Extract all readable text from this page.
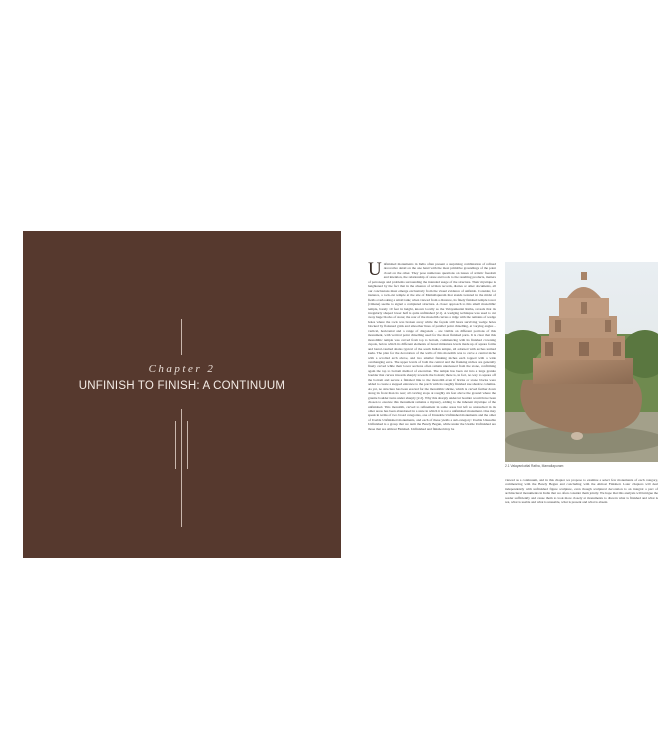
Chapter 2
UNFINISH TO FINISH: A CONTINUUM
Unfinished monuments in India often present a surprising combination of refined decorative detail on the one hand with the most primitive groundings of the point cloud on the other. They pose numerous questions on issues of artistic freedom and intention, the relationship of stone and tools to the resulting products, matters of patronage and problems surrounding the intended usage of the structure. Their mystique is heightened by the fact that in the absence of written records, diaries or other documents, all our conclusions must emerge exclusively from the visual evidence of unfinish. Consider, for instance, a rock-cut temple at the site of Mamallapuram that stands isolated in the midst of fields overlooking a small tank; when viewed from a distance, its finely finished temple tower (vimana) seems to signal a completed structure. A closer approach to this small monolithic temple, barely 10 feet in height, known locally as the Valayankuttai Ratha, reveals that its irregularly shaped lower half is quite unfinished [2.1]. A wedging technique was used to cut away huge blocks of stone; the rear of the monolith carries a ridge with the remains of wedge holes where the rock was broken away while the façade still bears surviving wedge holes blocked by flattened grids and smoother lines of parallel point chiselling, at varying angles – vertical, horizontal and a range of diagonals – are visible on different portions of this monument, with vertical point chiselling used for the most finished parts. It is clear that this monolithic temple was carved from top to bottom, commencing with its finished crowning cupola, below which its different elements of tiered miniature levels made up of square forms and barrel-vaulted shalas typical of the south Indian temple, all adorned with arches termed kudu. The plan for the decoration of the walls of this monolith was to carve a central niche with a scrolled arch above, and two smaller flanking niches each topped with a wide overhanging eave. The upper levels of both the central and the flanking niches are generally finely carved while their lower sections often remain unreleased from the stone, confirming again the top to bottom method of execution. The temple has been cut into a large granite boulder that curves inwards sharply towards the bottom; there is, in fact, no way to square off the bottom and secure a finished link to the monolith even if bricks or stone blocks were added to create a stepped entrance to the porch with its roughly finished axe shadow columns. As yet, no structure has been erected for the monolithic shrine, which is carved further down along its front than its rear; all carving stops at roughly six feet above the ground where the granite boulder turns under sharply [2.2]. Why this sharply undercut boulder would have been chosen to execute this monument remains a mystery, adding to the inherent mystique of the unfinished. This monolith, carved to refinement in some areas but left so untouched in its other areas has been abandoned in a state in which it is not a unfinished monument. One may speak in terms of two broad categories, one of Unusable Unfinished monuments and the other of Usable Unfinished monuments, and each of these yields a sub-category: Usable Unusable Unfinished is a group that we term the Barely Begun, while under the Usable Unfinished are those that are Almost Finished. Unfinished and finished may be
2.1 Valayankuttai Ratha, Mamallapuram
viewed as a continuum, and in this chapter we propose to examine a select few monuments of each category, commencing with the Barely Begun and concluding with the Almost Finished. Later chapters will deal independently with unfinished figure sculpture, even though sculptural decoration is an integral a part of architectural monuments in India that we often consider them jointly. We hope that this analysis will intrigue the reader sufficiently and cause them to look more closely at monuments to discern what is finished and what is not, what is usable and what is unusable, what is present and what is absent.
